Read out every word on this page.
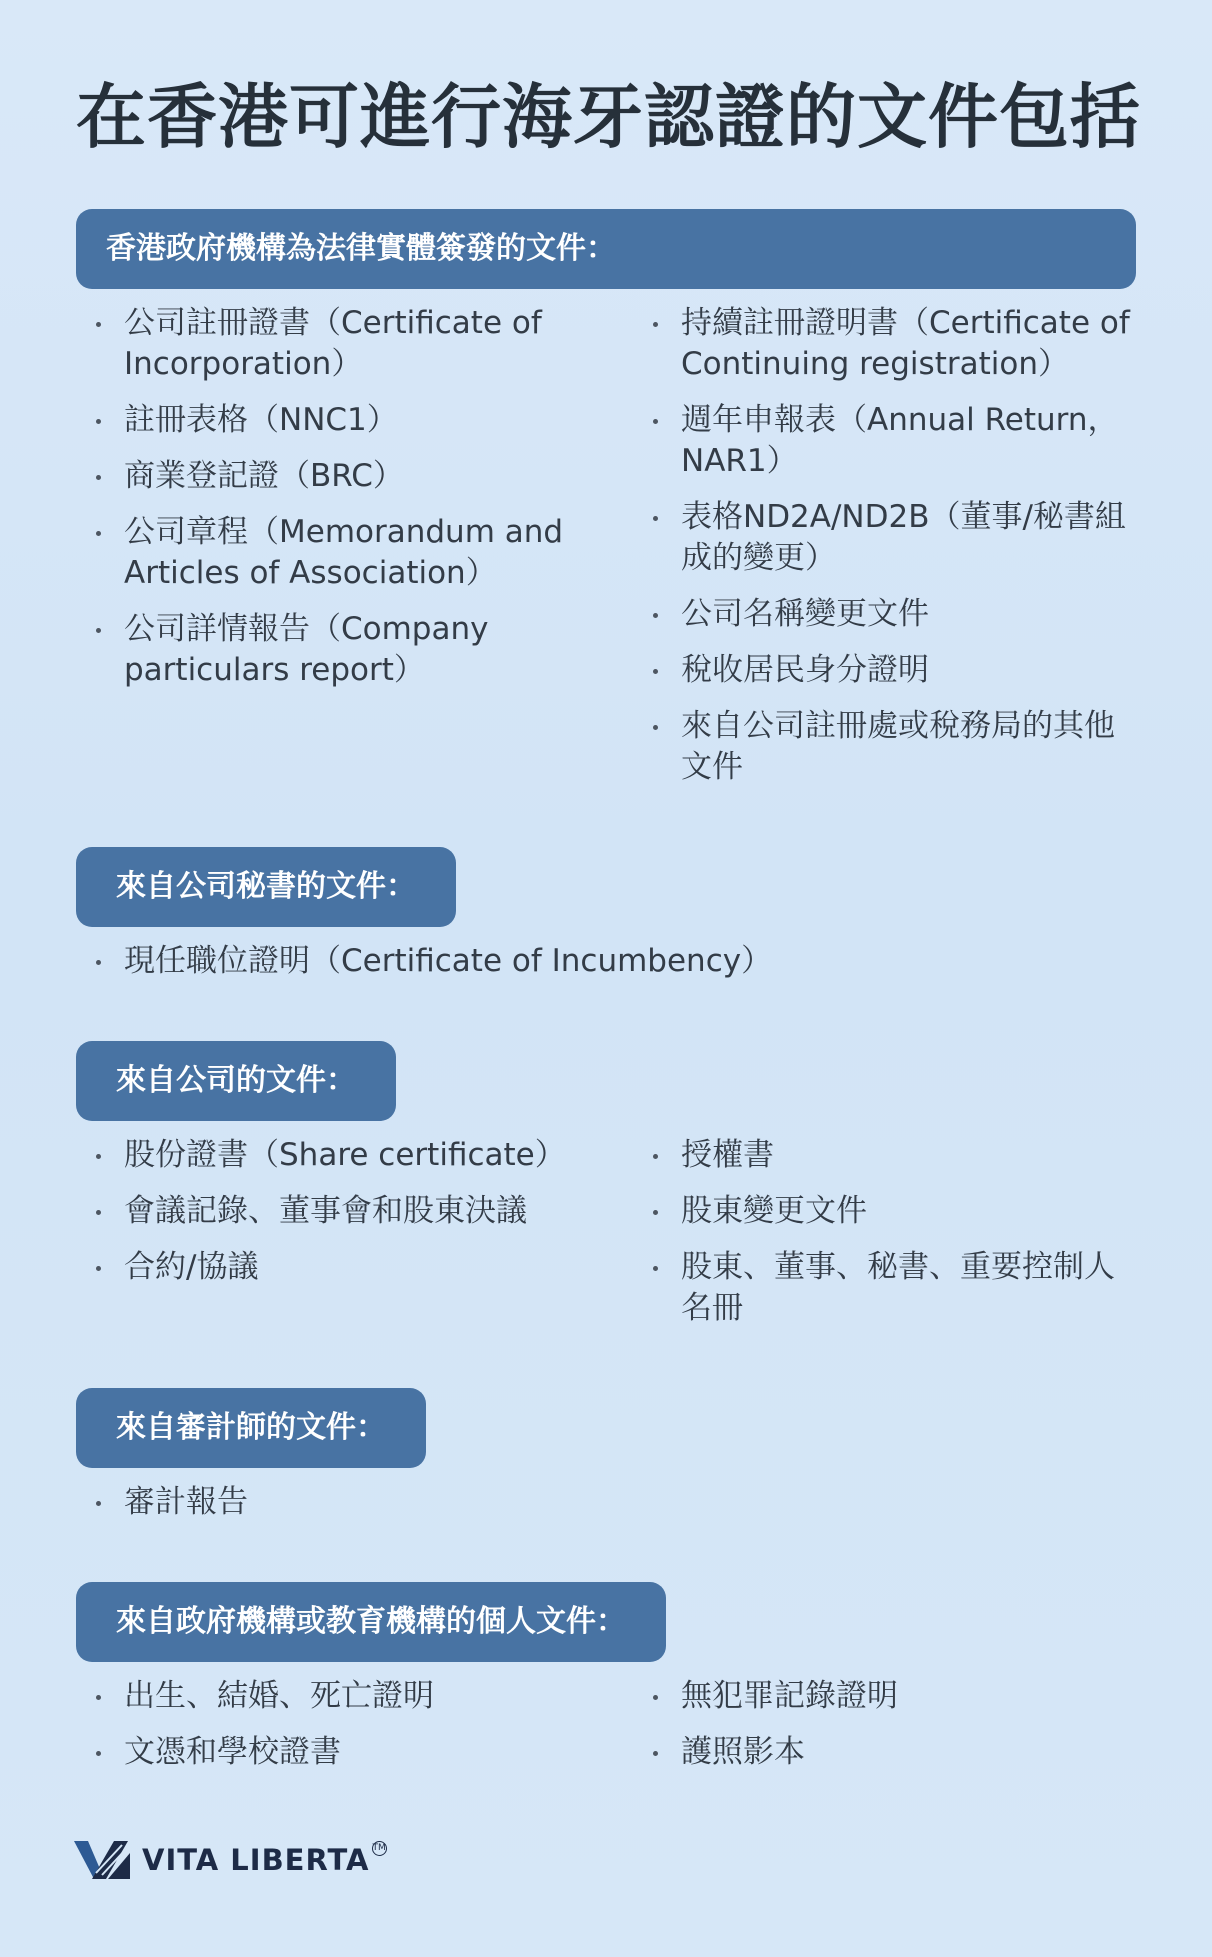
在香港可進行海牙認證的文件包括
香港政府機構為法律實體簽發的文件：
公司註冊證書（Certificate of Incorporation）
註冊表格（NNC1）
商業登記證（BRC）
公司章程（Memorandum and Articles of Association）
公司詳情報告（Company particulars report）
持續註冊證明書（Certificate of Continuing registration）
週年申報表（Annual Return，NAR1）
表格ND2A/ND2B（董事/秘書組成的變更）
公司名稱變更文件
稅收居民身分證明
來自公司註冊處或稅務局的其他文件
來自公司秘書的文件：
現任職位證明（Certificate of Incumbency）
來自公司的文件：
股份證書（Share certificate）
會議記錄、董事會和股東決議
合約/協議
授權書
股東變更文件
股東、董事、秘書、重要控制人名冊
來自審計師的文件：
審計報告
來自政府機構或教育機構的個人文件：
出生、結婚、死亡證明
文憑和學校證書
無犯罪記錄證明
護照影本
VITA LIBERTA TM
